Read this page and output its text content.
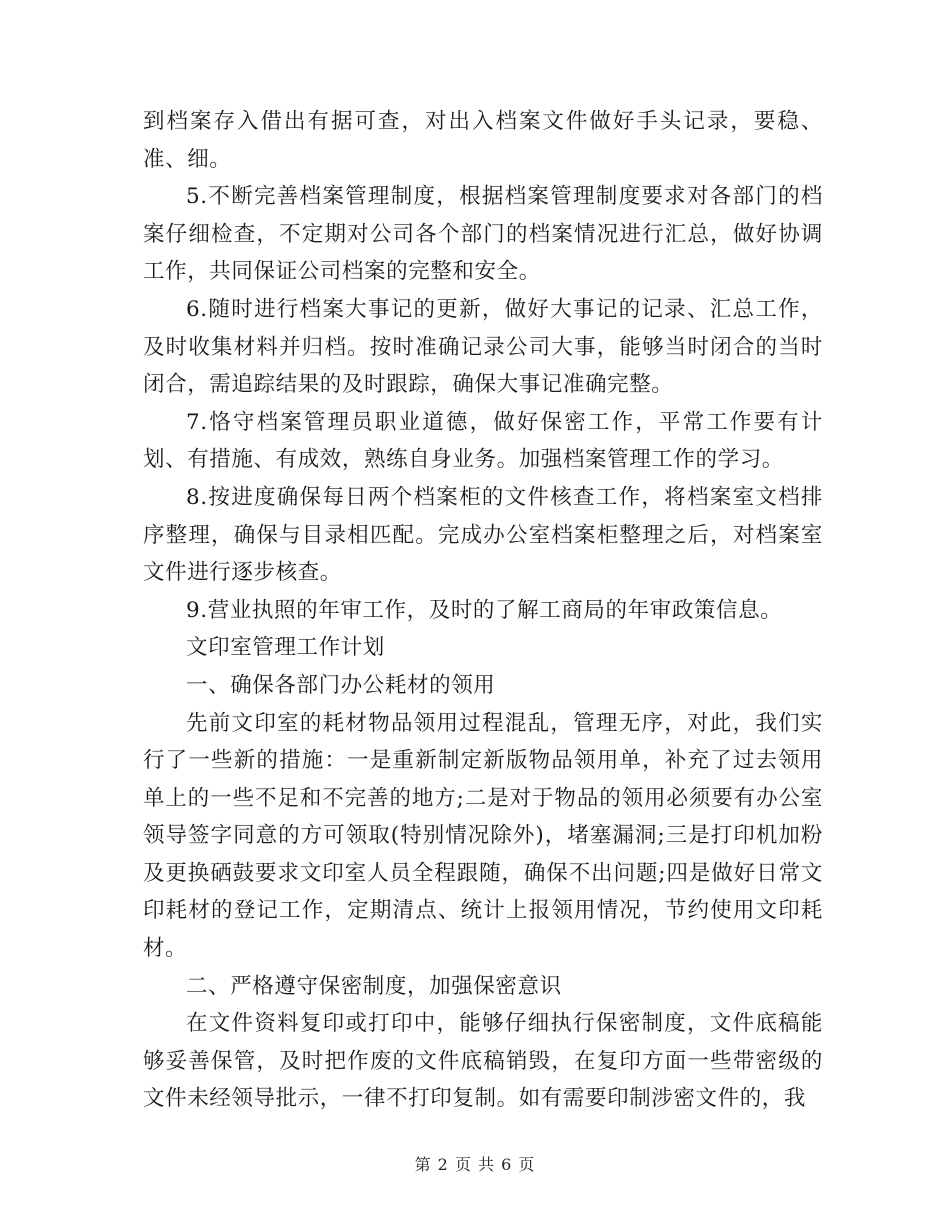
到档案存入借出有据可查，对出入档案文件做好手头记录，要稳、准、细。

5.不断完善档案管理制度，根据档案管理制度要求对各部门的档案仔细检查，不定期对公司各个部门的档案情况进行汇总，做好协调工作，共同保证公司档案的完整和安全。

6.随时进行档案大事记的更新，做好大事记的记录、汇总工作，及时收集材料并归档。按时准确记录公司大事，能够当时闭合的当时闭合，需追踪结果的及时跟踪，确保大事记准确完整。

7.恪守档案管理员职业道德，做好保密工作，平常工作要有计划、有措施、有成效，熟练自身业务。加强档案管理工作的学习。

8.按进度确保每日两个档案柜的文件核查工作，将档案室文档排序整理，确保与目录相匹配。完成办公室档案柜整理之后，对档案室文件进行逐步核查。

9.营业执照的年审工作，及时的了解工商局的年审政策信息。

文印室管理工作计划

一、确保各部门办公耗材的领用

先前文印室的耗材物品领用过程混乱，管理无序，对此，我们实行了一些新的措施：一是重新制定新版物品领用单，补充了过去领用单上的一些不足和不完善的地方;二是对于物品的领用必须要有办公室领导签字同意的方可领取(特别情况除外)，堵塞漏洞;三是打印机加粉及更换硒鼓要求文印室人员全程跟随，确保不出问题;四是做好日常文印耗材的登记工作，定期清点、统计上报领用情况，节约使用文印耗材。

二、严格遵守保密制度，加强保密意识

在文件资料复印或打印中，能够仔细执行保密制度，文件底稿能够妥善保管，及时把作废的文件底稿销毁，在复印方面一些带密级的文件未经领导批示，一律不打印复制。如有需要印制涉密文件的，我

第 2 页 共 6 页
